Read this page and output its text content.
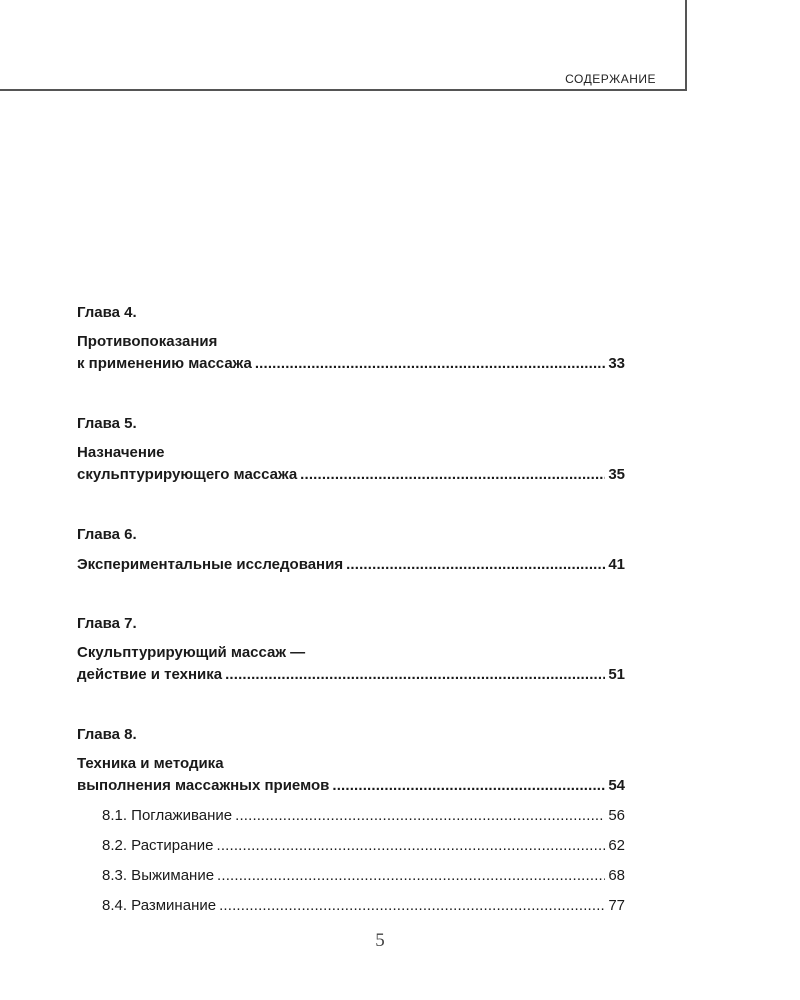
СОДЕРЖАНИЕ
Глава 4.
Противопоказания
к применению массажа . . .	33
Глава 5.
Назначение
скульптурирующего массажа . . .	35
Глава 6.
Экспериментальные исследования . . .	41
Глава 7.
Скульптурирующий массаж —
действие и техника . . .	51
Глава 8.
Техника и методика
выполнения массажных приемов . . .	54
8.1. Поглаживание . . .	56
8.2. Растирание . . .	62
8.3. Выжимание . . .	68
8.4. Разминание . . .	77
5
